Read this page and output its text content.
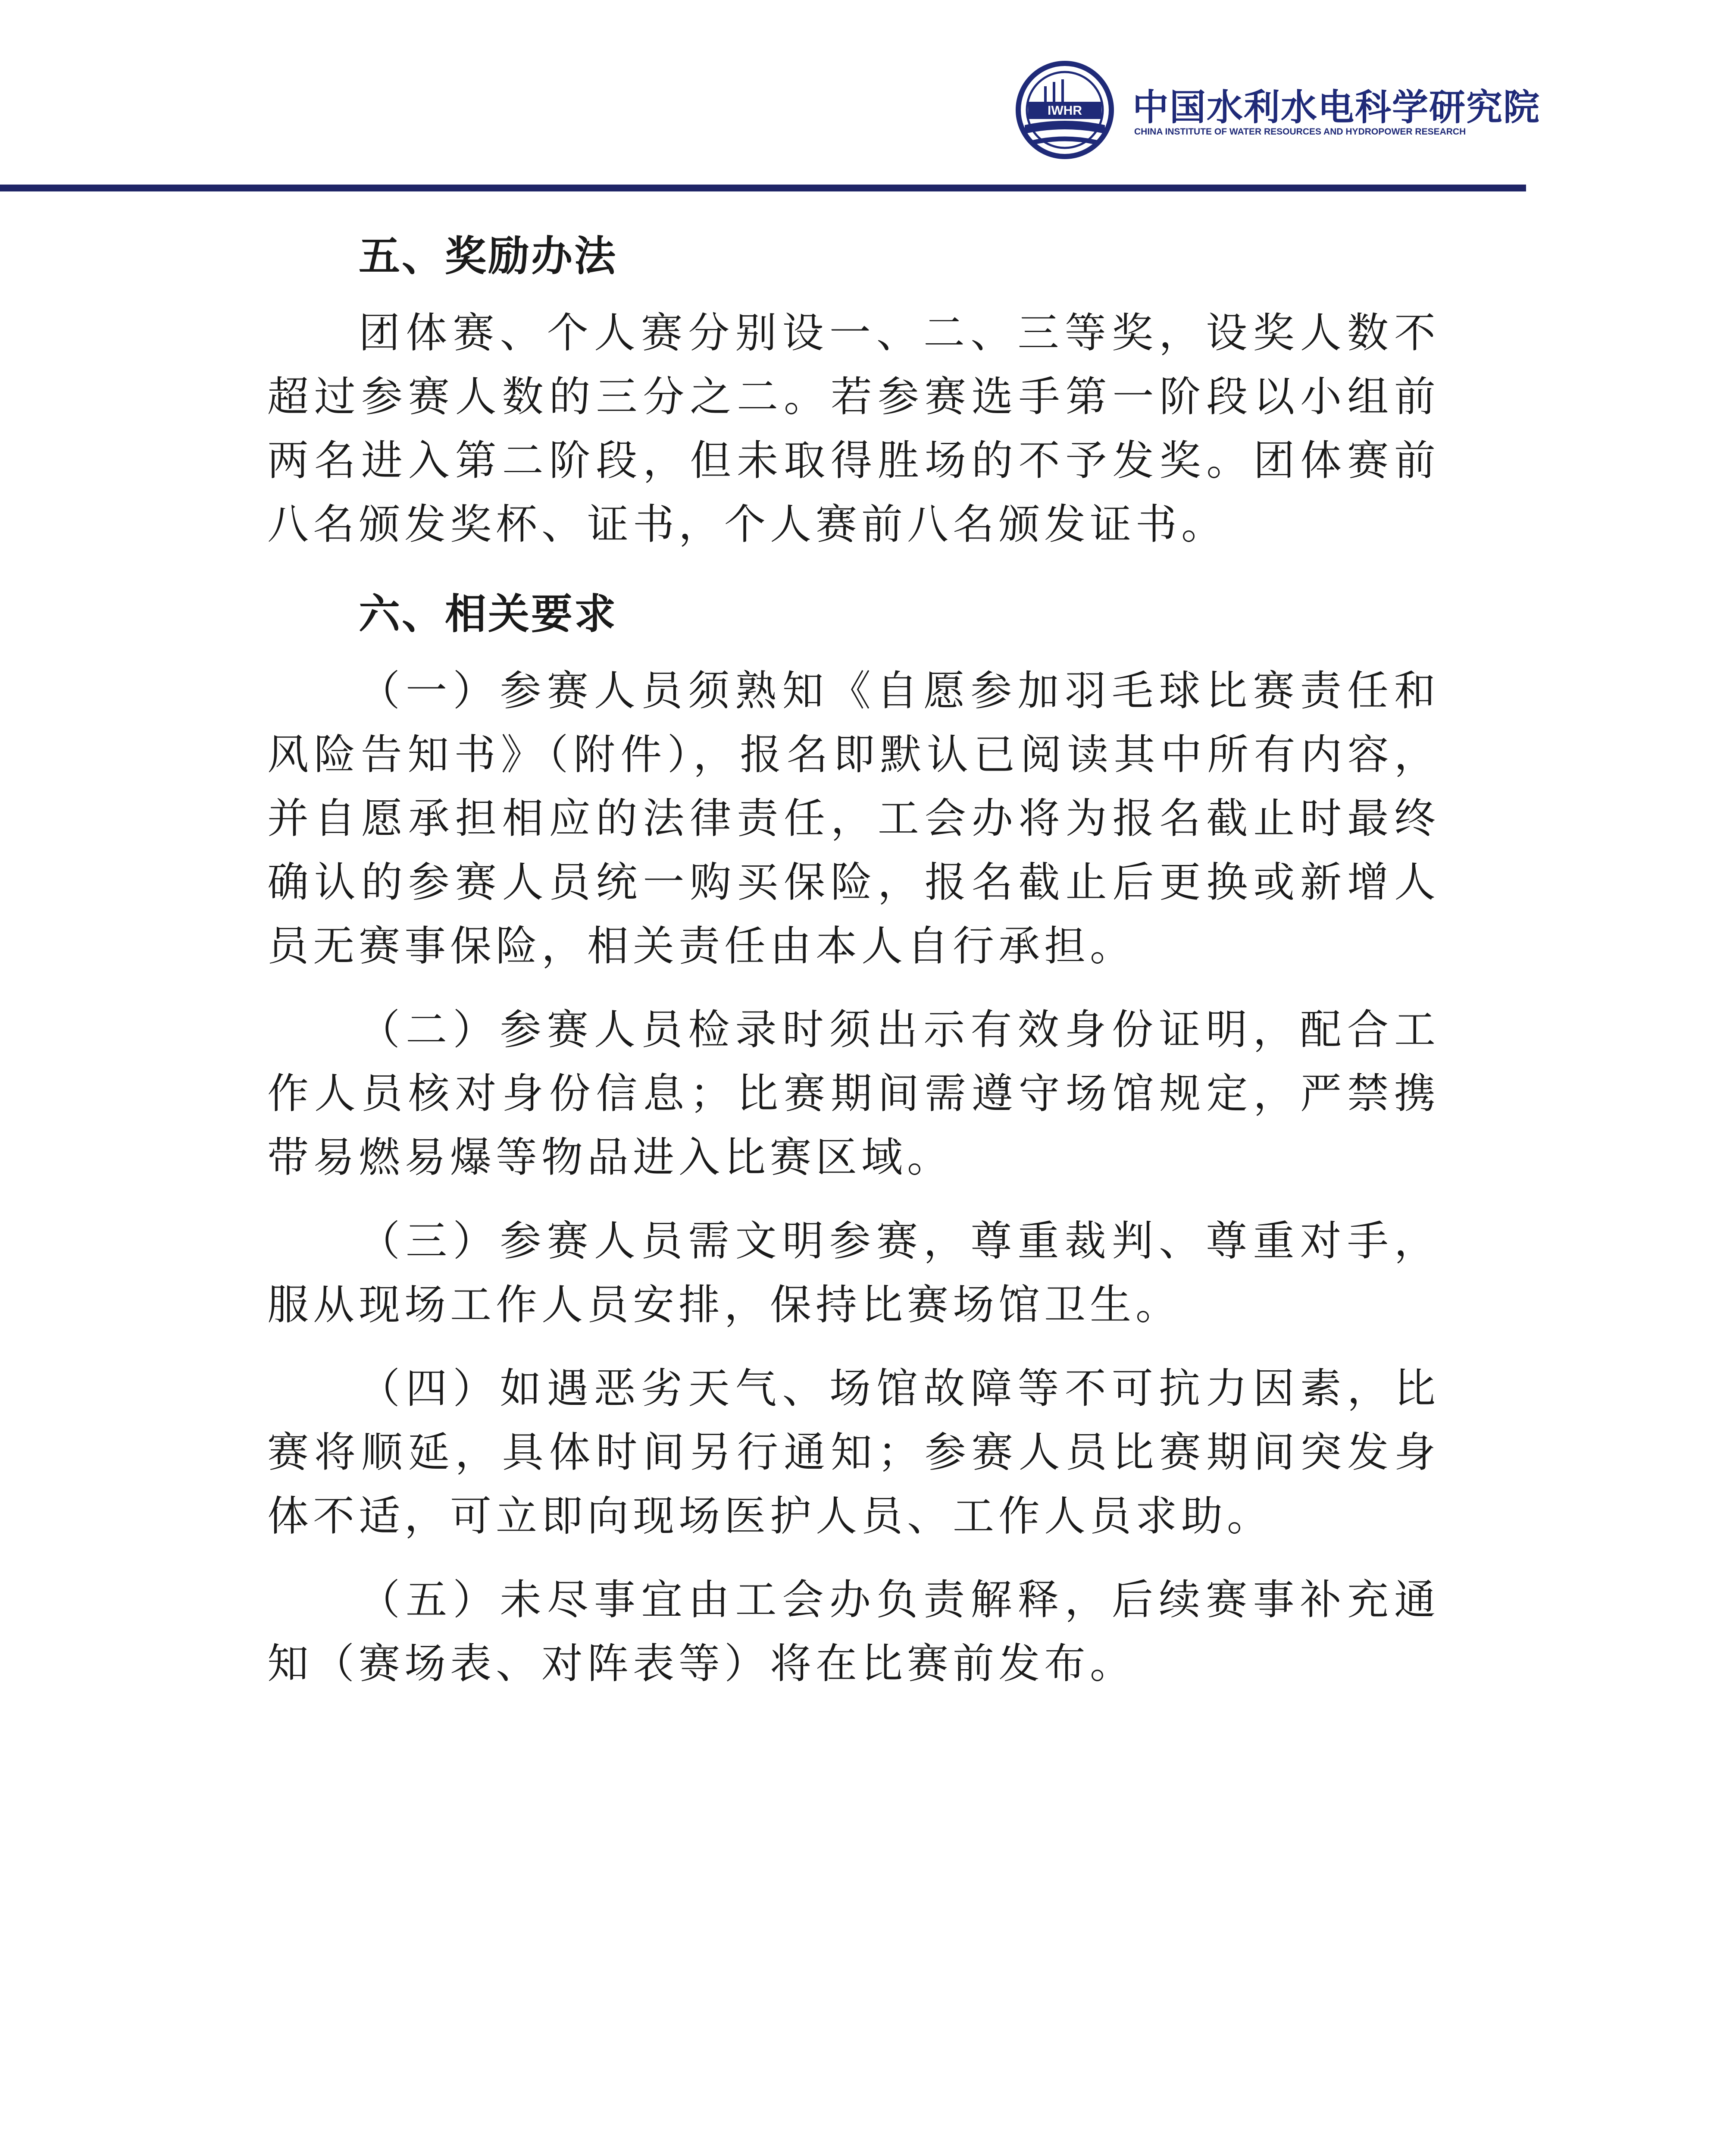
IWHR 中国水利水电科学研究院
CHINA INSTITUTE OF WATER RESOURCES AND HYDROPOWER RESEARCH
五、奖励办法

团体赛、个人赛分别设一、二、三等奖，设奖人数不超过参赛人数的三分之二。若参赛选手第一阶段以小组前两名进入第二阶段，但未取得胜场的不予发奖。团体赛前八名颁发奖杯、证书，个人赛前八名颁发证书。

六、相关要求

（一）参赛人员须熟知《自愿参加羽毛球比赛责任和风险告知书》（附件），报名即默认已阅读其中所有内容，并自愿承担相应的法律责任，工会办将为报名截止时最终确认的参赛人员统一购买保险，报名截止后更换或新增人员无赛事保险，相关责任由本人自行承担。

（二）参赛人员检录时须出示有效身份证明，配合工作人员核对身份信息；比赛期间需遵守场馆规定，严禁携带易燃易爆等物品进入比赛区域。

（三）参赛人员需文明参赛，尊重裁判、尊重对手，服从现场工作人员安排，保持比赛场馆卫生。

（四）如遇恶劣天气、场馆故障等不可抗力因素，比赛将顺延，具体时间另行通知；参赛人员比赛期间突发身体不适，可立即向现场医护人员、工作人员求助。

（五）未尽事宜由工会办负责解释，后续赛事补充通知（赛场表、对阵表等）将在比赛前发布。
